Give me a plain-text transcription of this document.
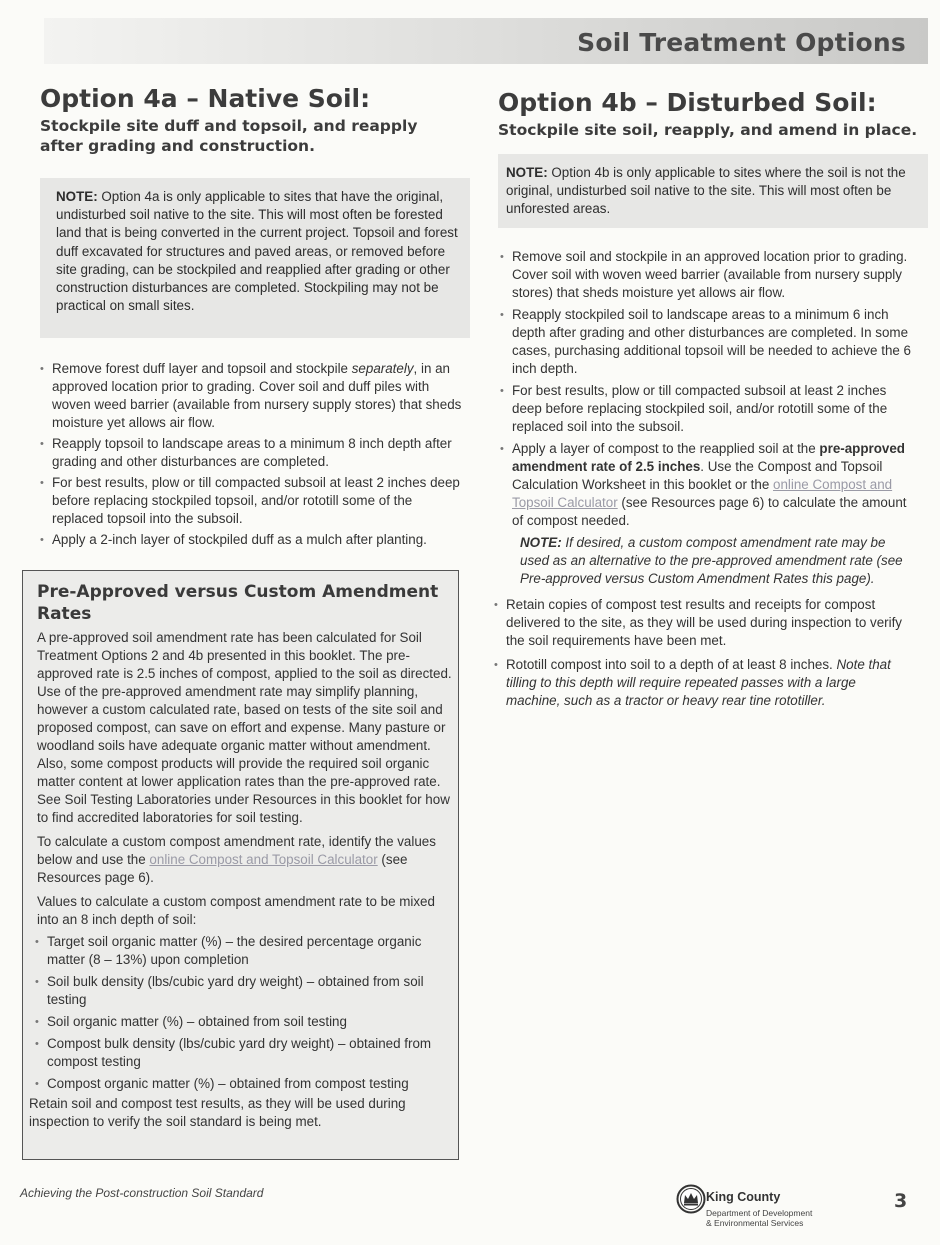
Soil Treatment Options
Option 4a – Native Soil:
Stockpile site duff and topsoil, and reapply after grading and construction.
NOTE: Option 4a is only applicable to sites that have the original, undisturbed soil native to the site. This will most often be forested land that is being converted in the current project. Topsoil and forest duff excavated for structures and paved areas, or removed before site grading, can be stockpiled and reapplied after grading or other construction disturbances are completed. Stockpiling may not be practical on small sites.
• Remove forest duff layer and topsoil and stockpile separately, in an approved location prior to grading. Cover soil and duff piles with woven weed barrier (available from nursery supply stores) that sheds moisture yet allows air flow.
• Reapply topsoil to landscape areas to a minimum 8 inch depth after grading and other disturbances are completed.
• For best results, plow or till compacted subsoil at least 2 inches deep before replacing stockpiled topsoil, and/or rototill some of the replaced topsoil into the subsoil.
• Apply a 2-inch layer of stockpiled duff as a mulch after planting.
Pre-Approved versus Custom Amendment Rates

A pre-approved soil amendment rate has been calculated for Soil Treatment Options 2 and 4b presented in this booklet. The pre-approved rate is 2.5 inches of compost, applied to the soil as directed. Use of the pre-approved amendment rate may simplify planning, however a custom calculated rate, based on tests of the site soil and proposed compost, can save on effort and expense. Many pasture or woodland soils have adequate organic matter without amendment. Also, some compost products will provide the required soil organic matter content at lower application rates than the pre-approved rate. See Soil Testing Laboratories under Resources in this booklet for how to find accredited laboratories for soil testing.

To calculate a custom compost amendment rate, identify the values below and use the online Compost and Topsoil Calculator (see Resources page 6).

Values to calculate a custom compost amendment rate to be mixed into an 8 inch depth of soil:

• Target soil organic matter (%) – the desired percentage organic matter (8 – 13%) upon completion
• Soil bulk density (lbs/cubic yard dry weight) – obtained from soil testing
• Soil organic matter (%) – obtained from soil testing
• Compost bulk density (lbs/cubic yard dry weight) – obtained from compost testing
• Compost organic matter (%) – obtained from compost testing

Retain soil and compost test results, as they will be used during inspection to verify the soil standard is being met.

Option 4b – Disturbed Soil:
Stockpile site soil, reapply, and amend in place.
NOTE: Option 4b is only applicable to sites where the soil is not the original, undisturbed soil native to the site. This will most often be unforested areas.
• Remove soil and stockpile in an approved location prior to grading. Cover soil with woven weed barrier (available from nursery supply stores) that sheds moisture yet allows air flow.
• Reapply stockpiled soil to landscape areas to a minimum 6 inch depth after grading and other disturbances are completed. In some cases, purchasing additional topsoil will be needed to achieve the 6 inch depth.
• For best results, plow or till compacted subsoil at least 2 inches deep before replacing stockpiled soil, and/or rototill some of the replaced soil into the subsoil.
• Apply a layer of compost to the reapplied soil at the pre-approved amendment rate of 2.5 inches. Use the Compost and Topsoil Calculation Worksheet in this booklet or the online Compost and Topsoil Calculator (see Resources page 6) to calculate the amount of compost needed.

NOTE: If desired, a custom compost amendment rate may be used as an alternative to the pre-approved amendment rate (see Pre-approved versus Custom Amendment Rates this page).

• Retain copies of compost test results and receipts for compost delivered to the site, as they will be used during inspection to verify the soil requirements have been met.
• Rototill compost into soil to a depth of at least 8 inches. Note that tilling to this depth will require repeated passes with a large machine, such as a tractor or heavy rear tine rototiller.
Achieving the Post-construction Soil Standard	King County
Department of Development
& Environmental Services
3
